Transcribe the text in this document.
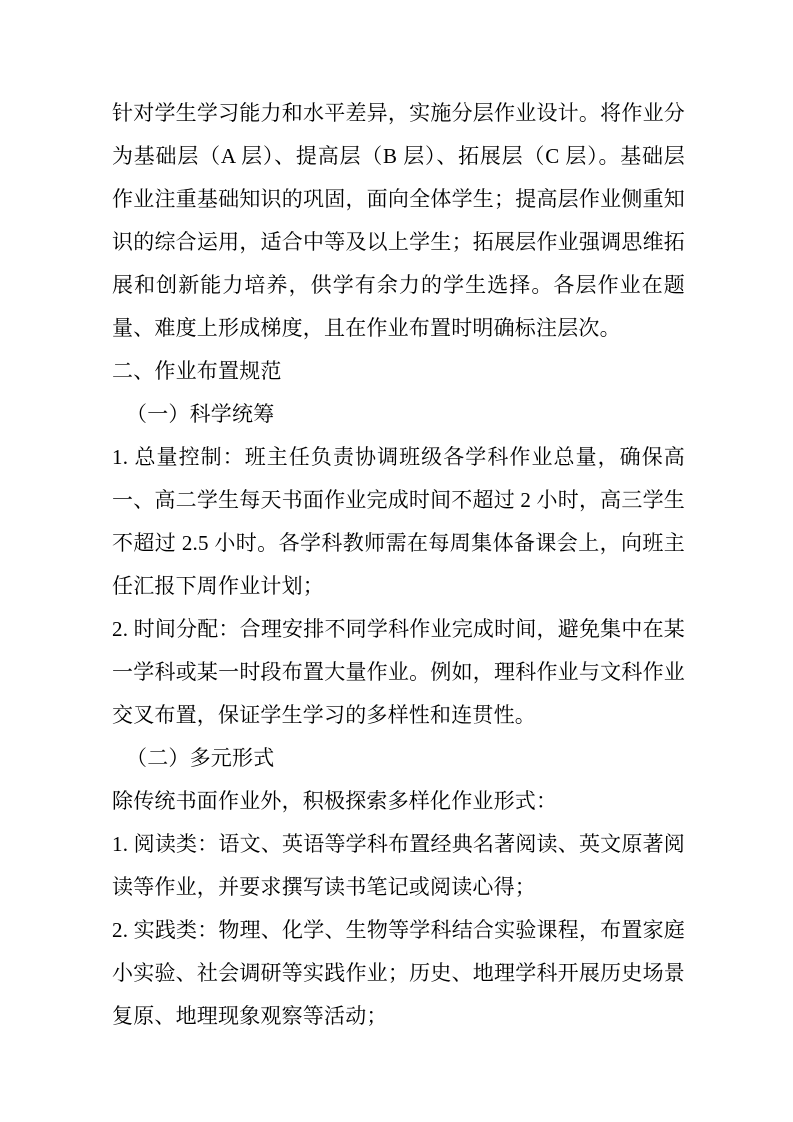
针对学生学习能力和水平差异，实施分层作业设计。将作业分为基础层（A 层）、提高层（B 层）、拓展层（C 层）。基础层作业注重基础知识的巩固，面向全体学生；提高层作业侧重知识的综合运用，适合中等及以上学生；拓展层作业强调思维拓展和创新能力培养，供学有余力的学生选择。各层作业在题量、难度上形成梯度，且在作业布置时明确标注层次。

二、作业布置规范

（一）科学统筹

1. 总量控制：班主任负责协调班级各学科作业总量，确保高一、高二学生每天书面作业完成时间不超过 2 小时，高三学生不超过 2.5 小时。各学科教师需在每周集体备课会上，向班主任汇报下周作业计划；

2. 时间分配：合理安排不同学科作业完成时间，避免集中在某一学科或某一时段布置大量作业。例如，理科作业与文科作业交叉布置，保证学生学习的多样性和连贯性。

（二）多元形式

除传统书面作业外，积极探索多样化作业形式：

1. 阅读类：语文、英语等学科布置经典名著阅读、英文原著阅读等作业，并要求撰写读书笔记或阅读心得；

2. 实践类：物理、化学、生物等学科结合实验课程，布置家庭小实验、社会调研等实践作业；历史、地理学科开展历史场景复原、地理现象观察等活动；
